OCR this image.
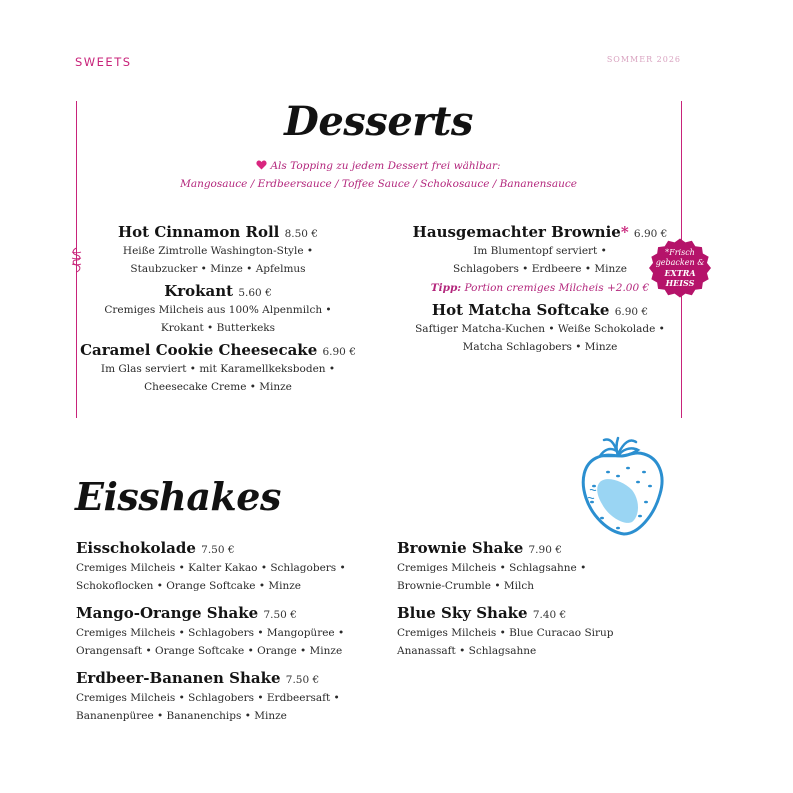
SWEETS	SOMMER 2026
Desserts
Als Topping zu jedem Dessert frei wählbar:
Mangosauce / Erdbeersauce / Toffee Sauce / Schokosauce / Bananensauce
Hot Cinnamon Roll 8.50 €
Heiße Zimtrolle Washington-Style •
Staubzucker • Minze • Apfelmus
Krokant 5.60 €
Cremiges Milcheis aus 100% Alpenmilch •
Krokant • Butterkeks
Caramel Cookie Cheesecake 6.90 €
Im Glas serviert • mit Karamellkeksboden •
Cheesecake Creme • Minze
Hausgemachter Brownie* 6.90 €
Im Blumentopf serviert •
Schlagobers • Erdbeere • Minze
Tipp: Portion cremiges Milcheis +2.00 €
Hot Matcha Softcake 6.90 €
Saftiger Matcha-Kuchen • Weiße Schokolade •
Matcha Schlagobers • Minze
*Frisch
gebacken &
EXTRA
HEISS
Eisshakes
Eisschokolade 7.50 €
Cremiges Milcheis • Kalter Kakao • Schlagobers •
Schokoflocken • Orange Softcake • Minze
Mango-Orange Shake 7.50 €
Cremiges Milcheis • Schlagobers • Mangopüree •
Orangensaft • Orange Softcake • Orange • Minze
Erdbeer-Bananen Shake 7.50 €
Cremiges Milcheis • Schlagobers • Erdbeersaft •
Bananenpüree • Bananenchips • Minze
Brownie Shake 7.90 €
Cremiges Milcheis • Schlagsahne •
Brownie-Crumble • Milch
Blue Sky Shake 7.40 €
Cremiges Milcheis • Blue Curacao Sirup
Ananassaft • Schlagsahne
